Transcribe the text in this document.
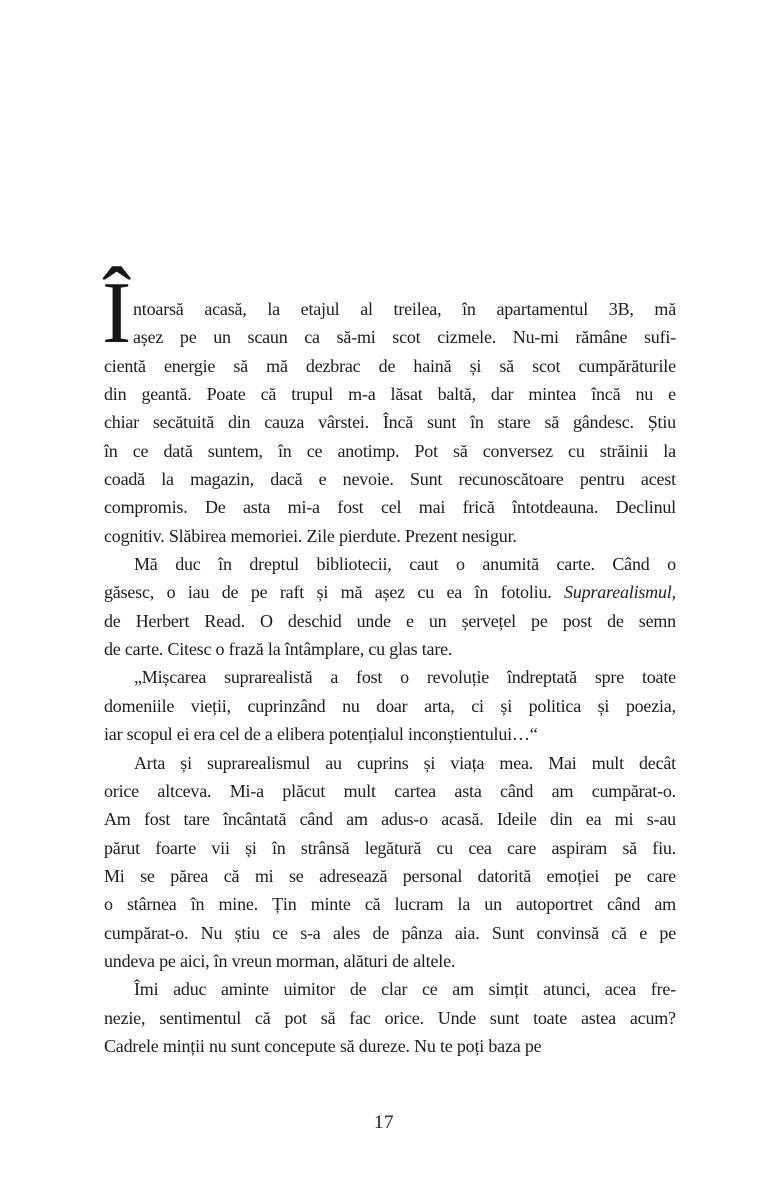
Î ntoarsă acasă, la etajul al treilea, în apartamentul 3B, mă
așez pe un scaun ca să-mi scot cizmele. Nu-mi rămâne sufi-
cientă energie să mă dezbrac de haină și să scot cumpărăturile
din geantă. Poate că trupul m-a lăsat baltă, dar mintea încă nu e
chiar secătuită din cauza vârstei. Încă sunt în stare să gândesc. Știu
în ce dată suntem, în ce anotimp. Pot să conversez cu străinii la
coadă la magazin, dacă e nevoie. Sunt recunoscătoare pentru acest
compromis. De asta mi-a fost cel mai frică întotdeauna. Declinul
cognitiv. Slăbirea memoriei. Zile pierdute. Prezent nesigur.
Mă duc în dreptul bibliotecii, caut o anumită carte. Când o
găsesc, o iau de pe raft și mă așez cu ea în fotoliu. Suprarealismul,
de Herbert Read. O deschid unde e un șervețel pe post de semn
de carte. Citesc o frază la întâmplare, cu glas tare.
„Mișcarea suprarealistă a fost o revoluție îndreptată spre toate
domeniile vieții, cuprinzând nu doar arta, ci și politica și poezia,
iar scopul ei era cel de a elibera potențialul inconștientului…“
Arta și suprarealismul au cuprins și viața mea. Mai mult decât
orice altceva. Mi-a plăcut mult cartea asta când am cumpărat-o.
Am fost tare încântată când am adus-o acasă. Ideile din ea mi s-au
părut foarte vii și în strânsă legătură cu cea care aspiram să fiu.
Mi se părea că mi se adresează personal datorită emoției pe care
o stârnea în mine. Țin minte că lucram la un autoportret când am
cumpărat-o. Nu știu ce s-a ales de pânza aia. Sunt convinsă că e pe
undeva pe aici, în vreun morman, alături de altele.
Îmi aduc aminte uimitor de clar ce am simțit atunci, acea fre-
nezie, sentimentul că pot să fac orice. Unde sunt toate astea acum?
Cadrele minții nu sunt concepute să dureze. Nu te poți baza pe
17
